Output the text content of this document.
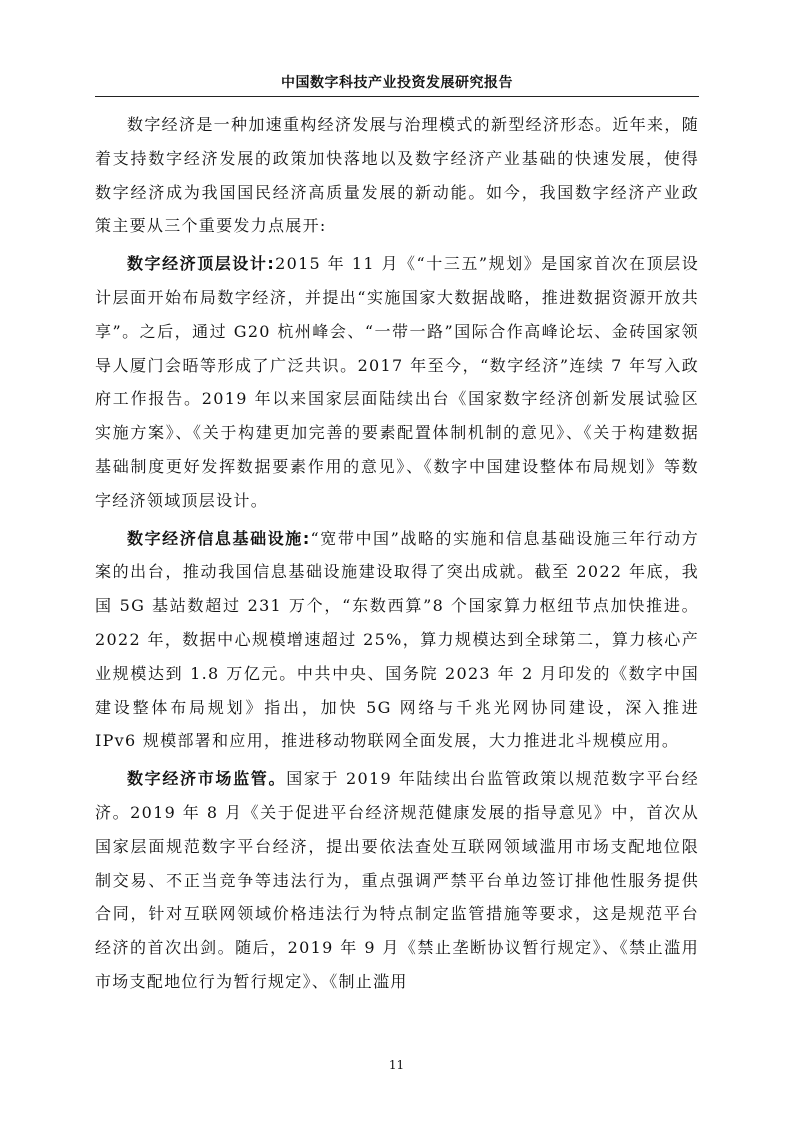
中国数字科技产业投资发展研究报告

数字经济是一种加速重构经济发展与治理模式的新型经济形态。近年来，随着支持数字经济发展的政策加快落地以及数字经济产业基础的快速发展，使得数字经济成为我国国民经济高质量发展的新动能。如今，我国数字经济产业政策主要从三个重要发力点展开:

数字经济顶层设计:2015 年 11 月《“十三五”规划》是国家首次在顶层设计层面开始布局数字经济，并提出“实施国家大数据战略，推进数据资源开放共享”。之后，通过 G20 杭州峰会、“一带一路”国际合作高峰论坛、金砖国家领导人厦门会晤等形成了广泛共识。2017 年至今，“数字经济”连续 7 年写入政府工作报告。2019 年以来国家层面陆续出台《国家数字经济创新发展试验区实施方案》、《关于构建更加完善的要素配置体制机制的意见》、《关于构建数据基础制度更好发挥数据要素作用的意见》、《数字中国建设整体布局规划》等数字经济领域顶层设计。

数字经济信息基础设施:“宽带中国”战略的实施和信息基础设施三年行动方案的出台，推动我国信息基础设施建设取得了突出成就。截至 2022 年底，我国 5G 基站数超过 231 万个，“东数西算”8 个国家算力枢纽节点加快推进。2022 年，数据中心规模增速超过 25%，算力规模达到全球第二，算力核心产业规模达到 1.8 万亿元。中共中央、国务院 2023 年 2 月印发的《数字中国建设整体布局规划》指出，加快 5G 网络与千兆光网协同建设，深入推进 IPv6 规模部署和应用，推进移动物联网全面发展，大力推进北斗规模应用。

数字经济市场监管。国家于 2019 年陆续出台监管政策以规范数字平台经济。2019 年 8 月《关于促进平台经济规范健康发展的指导意见》中，首次从国家层面规范数字平台经济，提出要依法查处互联网领域滥用市场支配地位限制交易、不正当竞争等违法行为，重点强调严禁平台单边签订排他性服务提供合同，针对互联网领域价格违法行为特点制定监管措施等要求，这是规范平台经济的首次出剑。随后，2019 年 9 月《禁止垄断协议暂行规定》、《禁止滥用市场支配地位行为暂行规定》、《制止滥用

11
